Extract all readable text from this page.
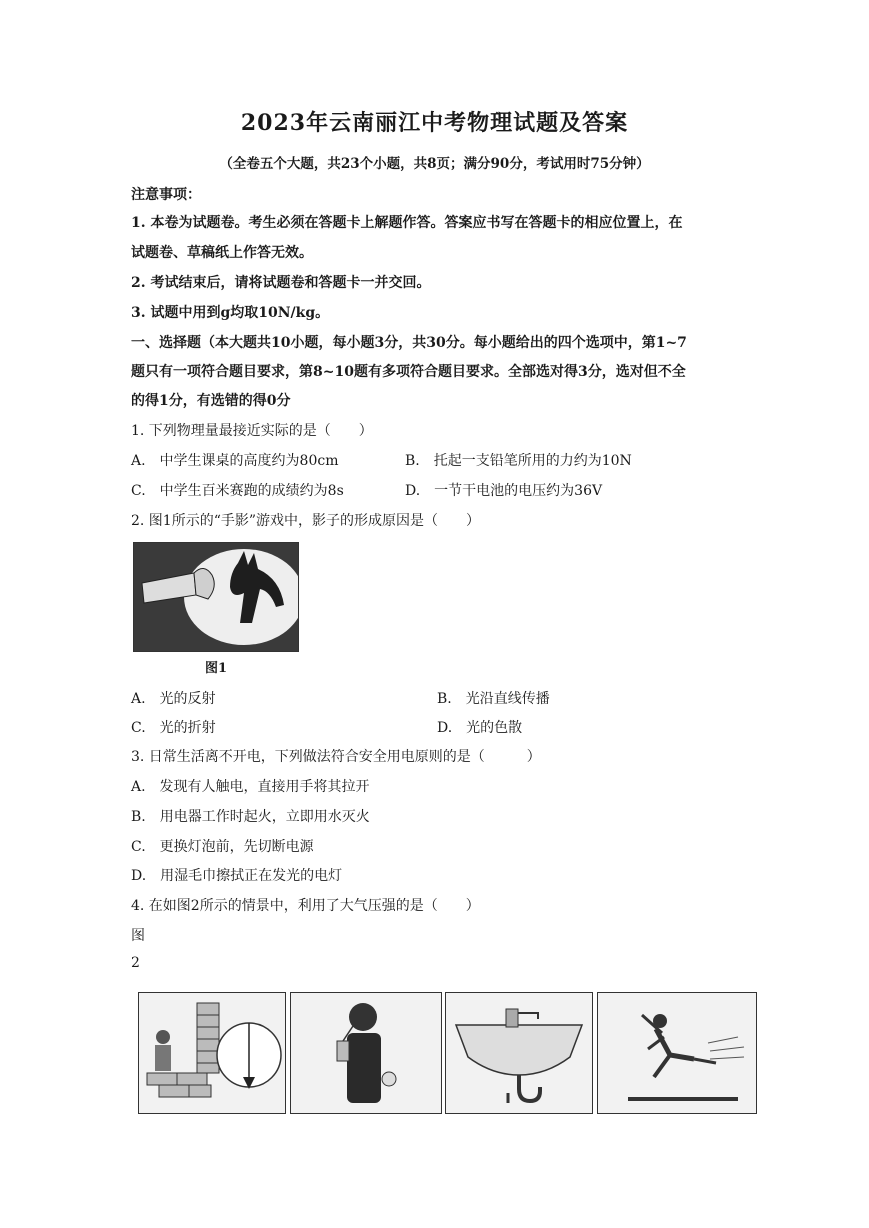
2023年云南丽江中考物理试题及答案
（全卷五个大题，共23个小题，共8页；满分90分，考试用时75分钟）
注意事项：
1. 本卷为试题卷。考生必须在答题卡上解题作答。答案应书写在答题卡的相应位置上，在
试题卷、草稿纸上作答无效。
2. 考试结束后，请将试题卷和答题卡一并交回。
3. 试题中用到g均取10N/kg。
一、选择题（本大题共10小题，每小题3分，共30分。每小题给出的四个选项中，第1~7
题只有一项符合题目要求，第8~10题有多项符合题目要求。全部选对得3分，选对但不全
的得1分，有选错的得0分
1. 下列物理量最接近实际的是（　　）
A.　中学生课桌的高度约为80cm	B.　托起一支铅笔所用的力约为10N
C.　中学生百米赛跑的成绩约为8s	D.　一节干电池的电压约为36V
2. 图1所示的“手影”游戏中，影子的形成原因是（　　）
图1
A.　光的反射	B.　光沿直线传播
C.　光的折射	D.　光的色散
3. 日常生活离不开电，下列做法符合安全用电原则的是（　　　）
A.　发现有人触电，直接用手将其拉开
B.　用电器工作时起火，立即用水灭火
C.　更换灯泡前，先切断电源
D.　用湿毛巾擦拭正在发光的电灯
4. 在如图2所示的情景中，利用了大气压强的是（　　）
图
2
